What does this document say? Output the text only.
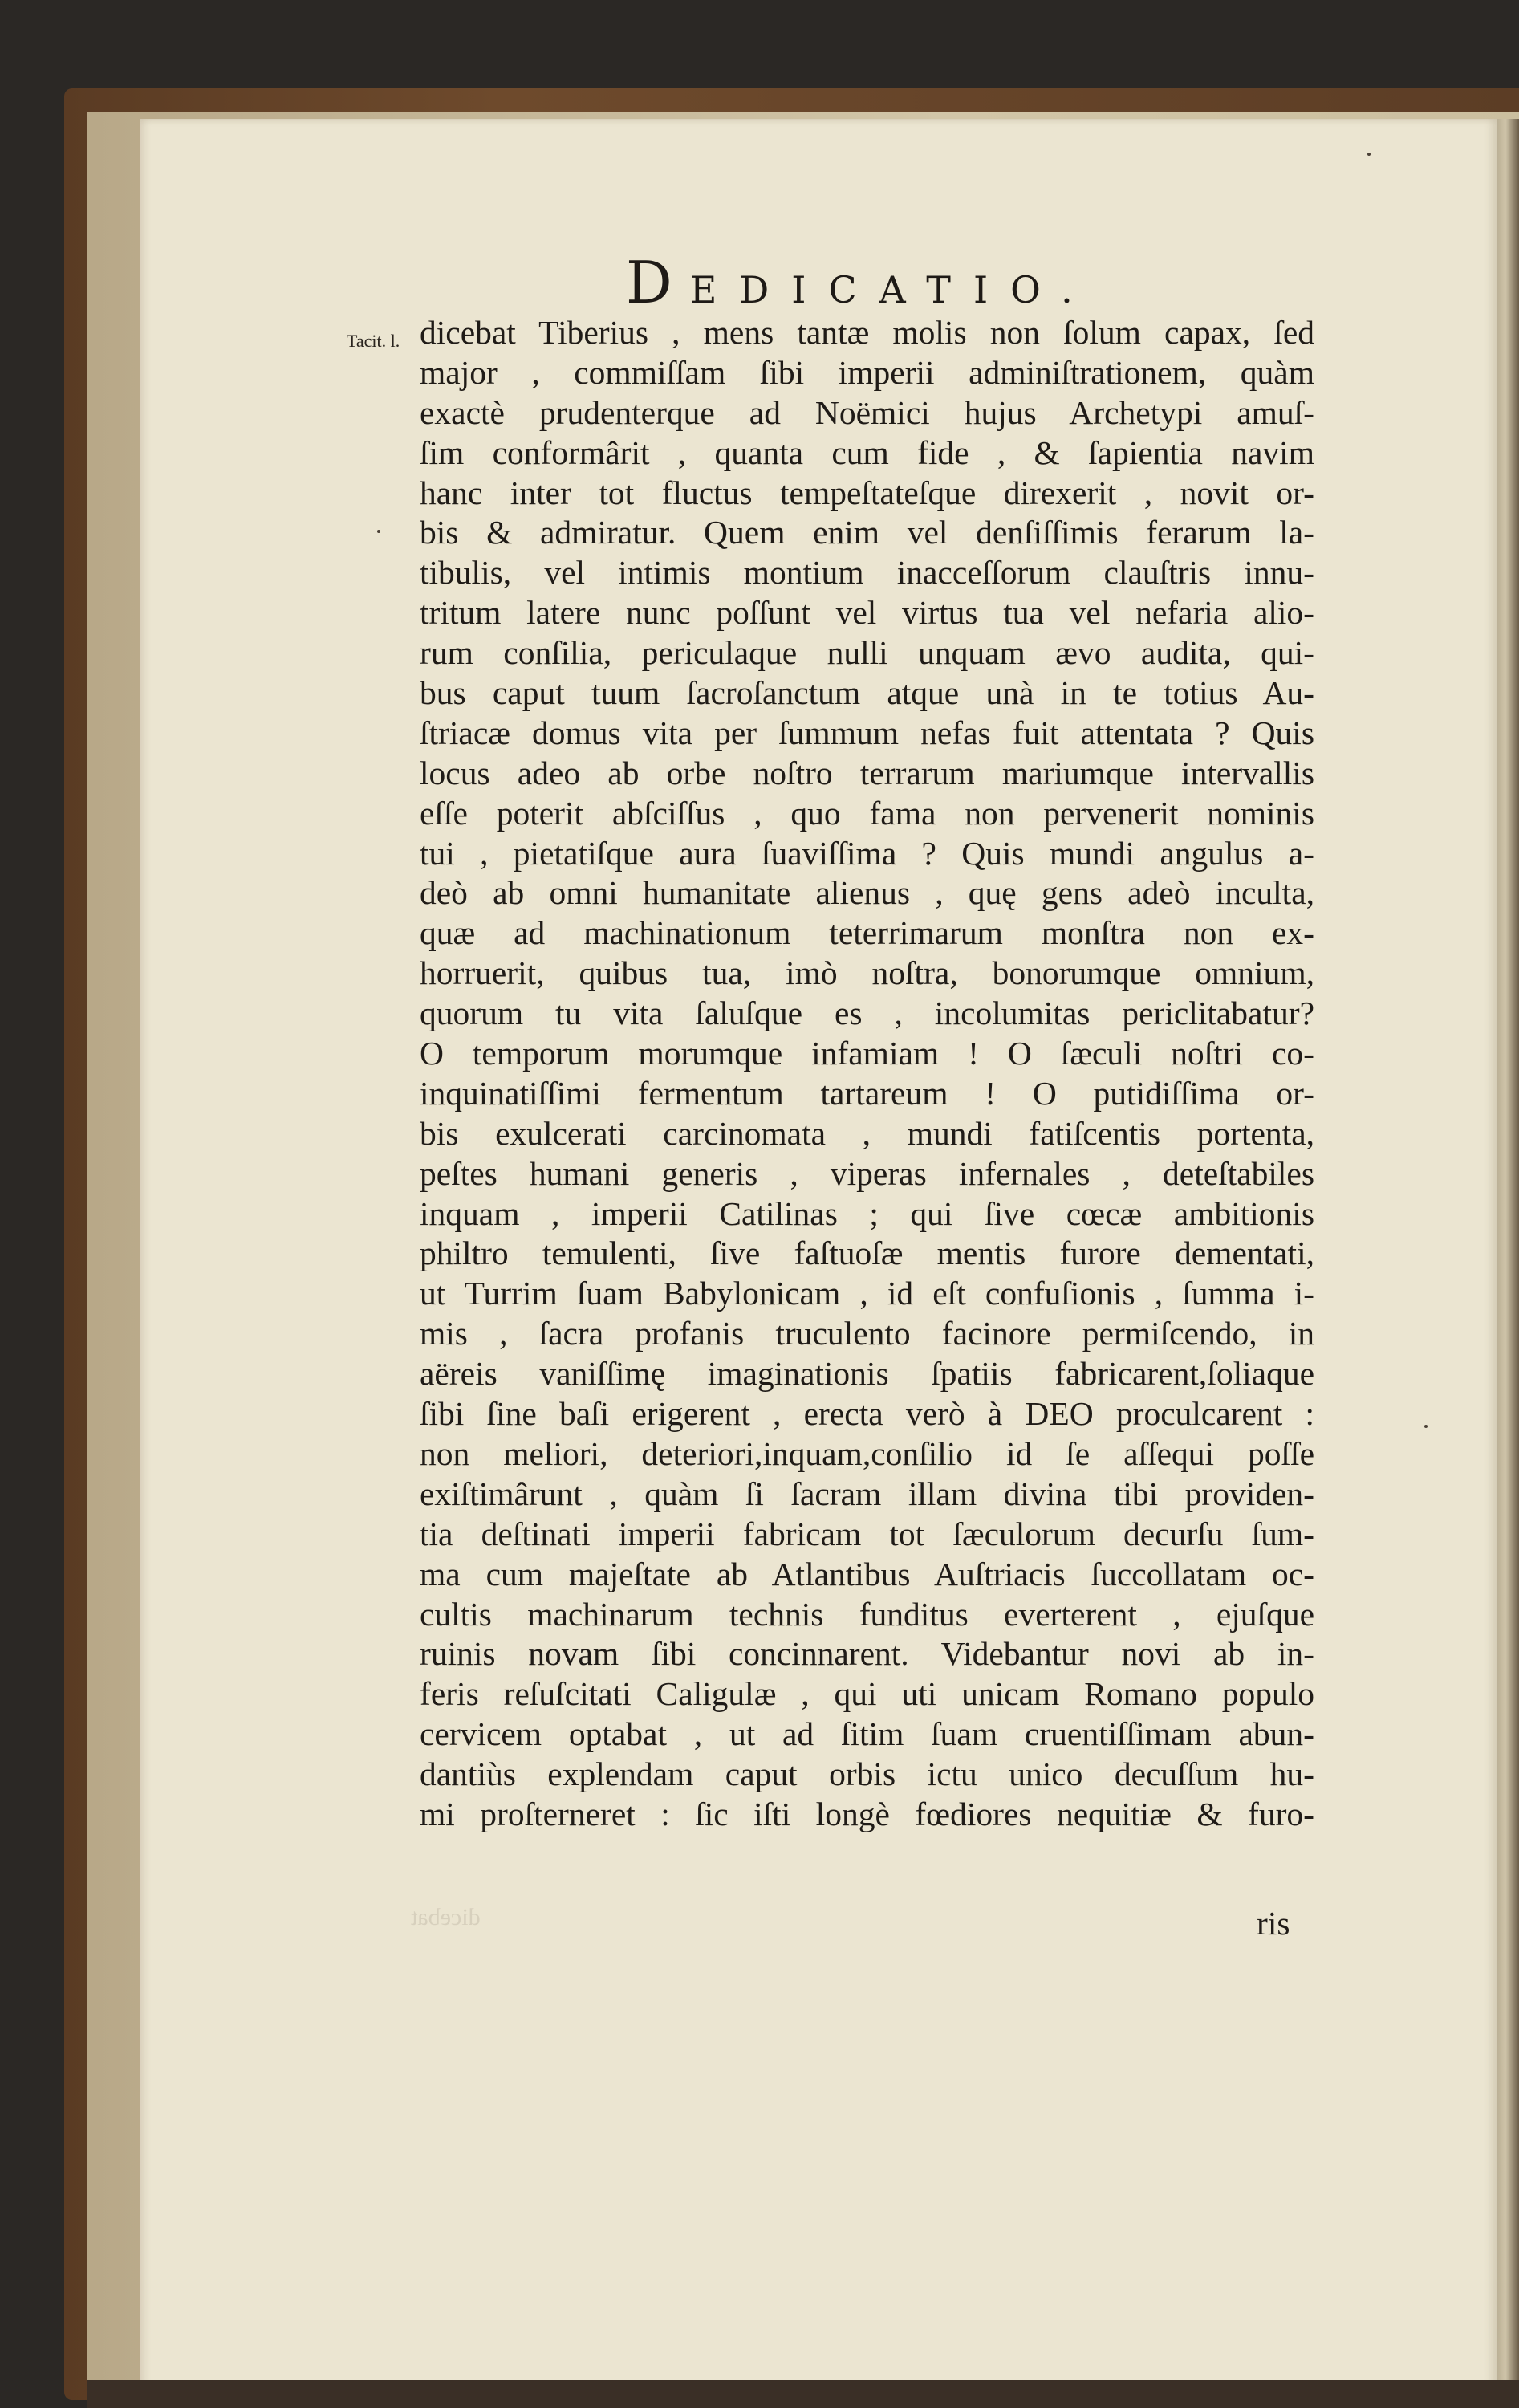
DEDICATIO.
Tacit. l. dicebat Tiberius , mens tantæ molis non ſolum capax, ſed
major , commiſſam ſibi imperii adminiſtrationem, quàm
exactè prudenterque ad Noëmici hujus Archetypi amuſ-
ſim conformârit , quanta cum fide , & ſapientia navim
hanc inter tot fluctus tempeſtateſque direxerit , novit or-
bis & admiratur. Quem enim vel denſiſſimis ferarum la-
tibulis, vel intimis montium inacceſſorum clauſtris innu-
tritum latere nunc poſſunt vel virtus tua vel nefaria alio-
rum conſilia, periculaque nulli unquam ævo audita, qui-
bus caput tuum ſacroſanctum atque unà in te totius Au-
ſtriacæ domus vita per ſummum nefas fuit attentata ? Quis
locus adeo ab orbe noſtro terrarum mariumque intervallis
eſſe poterit abſciſſus , quo fama non pervenerit nominis
tui , pietatiſque aura ſuaviſſima ? Quis mundi angulus a-
deò ab omni humanitate alienus , quę gens adeò inculta,
quæ ad machinationum teterrimarum monſtra non ex-
horruerit, quibus tua, imò noſtra, bonorumque omnium,
quorum tu vita ſaluſque es , incolumitas periclitabatur?
O temporum morumque infamiam ! O ſæculi noſtri co-
inquinatiſſimi fermentum tartareum ! O putidiſſima or-
bis exulcerati carcinomata , mundi fatiſcentis portenta,
peſtes humani generis , viperas infernales , deteſtabiles
inquam , imperii Catilinas ; qui ſive cœcæ ambitionis
philtro temulenti, ſive faſtuoſæ mentis furore dementati,
ut Turrim ſuam Babylonicam , id eſt confuſionis , ſumma i-
mis , ſacra profanis truculento facinore permiſcendo, in
aëreis vaniſſimę imaginationis ſpatiis fabricarent,ſoliaque
ſibi ſine baſi erigerent , erecta verò à DEO proculcarent :
non meliori, deteriori,inquam,conſilio id ſe aſſequi poſſe
exiſtimârunt , quàm ſi ſacram illam divina tibi providen-
tia deſtinati imperii fabricam tot ſæculorum decurſu ſum-
ma cum majeſtate ab Atlantibus Auſtriacis ſuccollatam oc-
cultis machinarum technis funditus everterent , ejuſque
ruinis novam ſibi concinnarent. Videbantur novi ab in-
feris reſuſcitati Caligulæ , qui uti unicam Romano populo
cervicem optabat , ut ad ſitim ſuam cruentiſſimam abun-
dantiùs explendam caput orbis ictu unico decuſſum hu-
mi proſterneret : ſic iſti longè fœdiores nequitiæ & furo-
ris
dicebat
